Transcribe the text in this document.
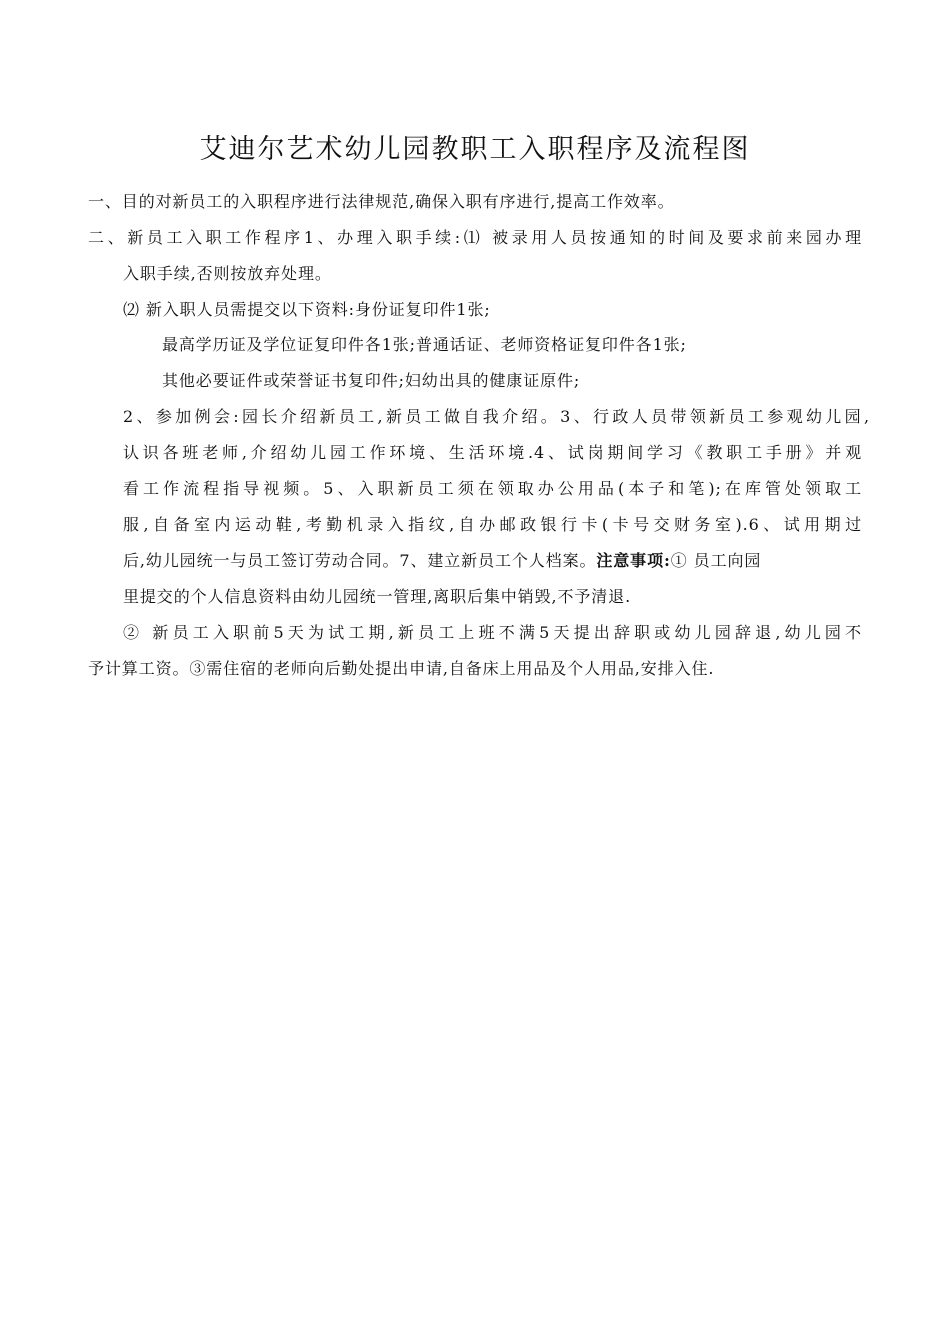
艾迪尔艺术幼儿园教职工入职程序及流程图
一、目的对新员工的入职程序进行法律规范,确保入职有序进行,提高工作效率。
二、新员工入职工作程序1、办理入职手续:⑴ 被录用人员按通知的时间及要求前来园办理
入职手续,否则按放弃处理。
⑵ 新入职人员需提交以下资料:身份证复印件1张;
最高学历证及学位证复印件各1张;普通话证、老师资格证复印件各1张;
其他必要证件或荣誉证书复印件;妇幼出具的健康证原件;
2、参加例会:园长介绍新员工,新员工做自我介绍。3、行政人员带领新员工参观幼儿园,
认识各班老师,介绍幼儿园工作环境、生活环境.4、试岗期间学习《教职工手册》并观
看工作流程指导视频。5、入职新员工须在领取办公用品(本子和笔);在库管处领取工
服,自备室内运动鞋,考勤机录入指纹,自办邮政银行卡(卡号交财务室).6、试用期过
后,幼儿园统一与员工签订劳动合同。7、建立新员工个人档案。注意事项:① 员工向园
里提交的个人信息资料由幼儿园统一管理,离职后集中销毁,不予清退.
② 新员工入职前5天为试工期,新员工上班不满5天提出辞职或幼儿园辞退,幼儿园不
予计算工资。③需住宿的老师向后勤处提出申请,自备床上用品及个人用品,安排入住.
